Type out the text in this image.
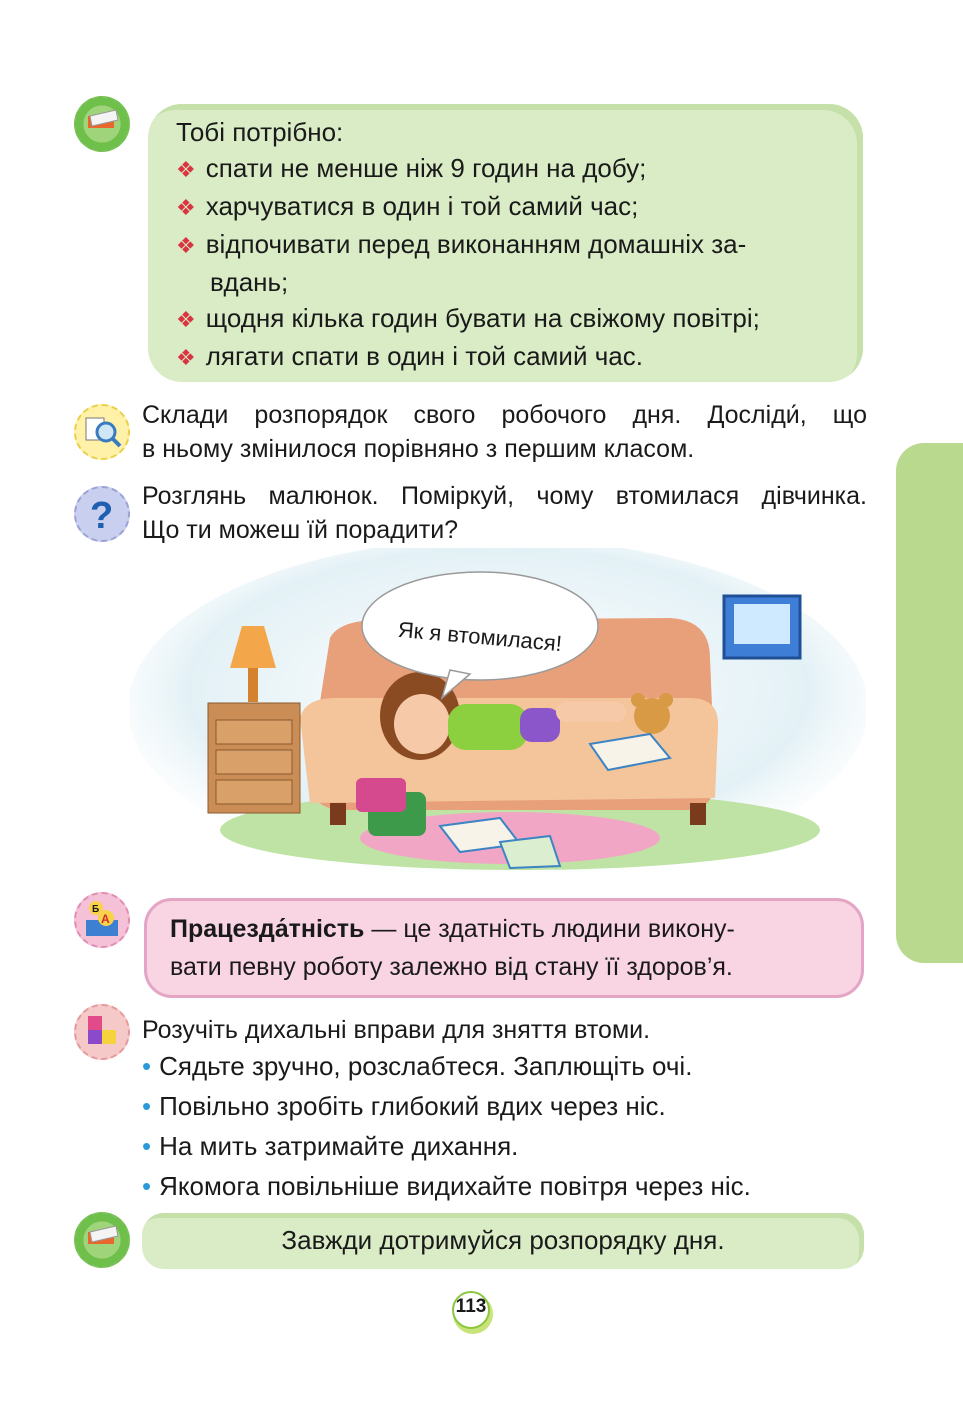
Тобі потрібно:
❖ спати не менше ніж 9 годин на добу;
❖ харчуватися в один і той самий час;
❖ відпочивати перед виконанням домашніх за-
вдань;
❖ щодня кілька годин бувати на свіжому повітрі;
❖ лягати спати в один і той самий час.
Склади розпорядок свого робочого дня. Досліди́, що
в ньому змінилося порівняно з першим класом.
? Розглянь малюнок. Поміркуй, чому втомилася дівчинка.
Що ти можеш їй порадити?
Як я втомилася!
Б
А Працезда́тність — це здатність людини викону-
вати певну роботу залежно від стану її здоров’я.
Розучіть дихальні вправи для зняття втоми.
• Сядьте зручно, розслабтеся. Заплющіть очі.
• Повільно зробіть глибокий вдих через ніс.
• На мить затримайте дихання.
• Якомога повільніше видихайте повітря через ніс.
Завжди дотримуйся розпорядку дня.
113
